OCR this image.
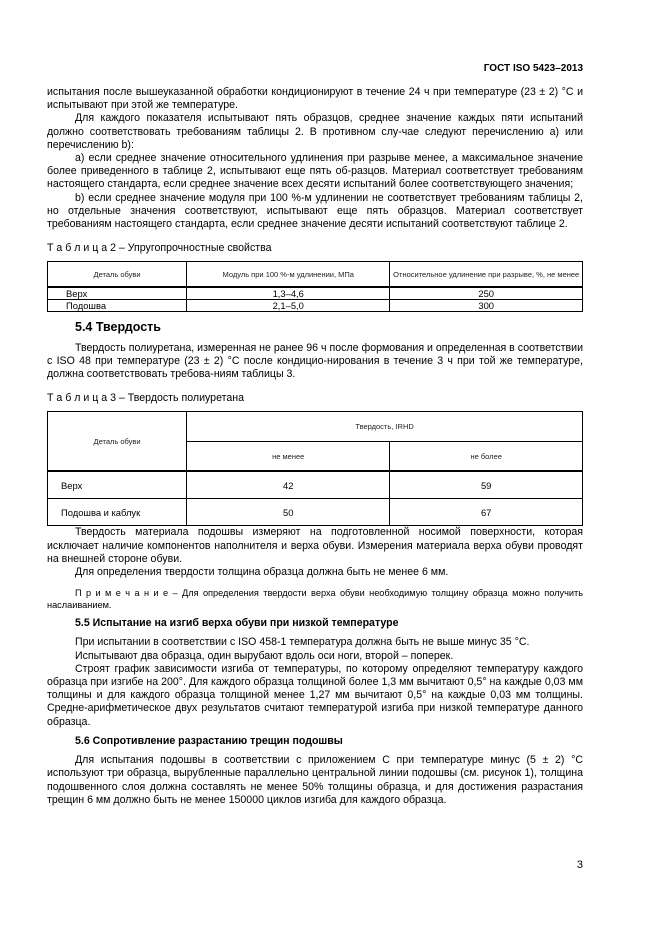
ГОСТ ISO 5423–2013

испытания после вышеуказанной обработки кондиционируют в течение 24 ч при температуре (23 ± 2) °С и испытывают при этой же температуре.

Для каждого показателя испытывают пять образцов, среднее значение каждых пяти испытаний должно соответствовать требованиям таблицы 2. В противном слу-чае следуют перечислению а) или перечислению b):

а) если среднее значение относительного удлинения при разрыве менее, а максимальное значение более приведенного в таблице 2, испытывают еще пять об-разцов. Материал соответствует требованиям настоящего стандарта, если среднее значение всех десяти испытаний более соответствующего значения;

b) если среднее значение модуля при 100 %-м удлинении не соответствует требованиям таблицы 2, но отдельные значения соответствуют, испытывают еще пять образцов. Материал соответствует требованиям настоящего стандарта, если среднее значение десяти испытаний соответствуют таблице 2.

Т а б л и ц а 2 – Упругопрочностные свойства

Деталь обуви	Модуль при 100 %-м удлинении, МПа	Относительное удлинение при разрыве, %, не менее
Верх	1,3–4,6	250
Подошва	2,1–5,0	300
5.4 Твердость

Твердость полиуретана, измеренная не ранее 96 ч после формования и определенная в соответствии с ISO 48 при температуре (23 ± 2) °С после кондицио-нирования в течение 3 ч при той же температуре, должна соответствовать требова-ниям таблицы 3.

Т а б л и ц а 3 – Твердость полиуретана

Деталь обуви	Твердость, IRHD	
	не менее	не более
Верх	42	59
Подошва и каблук	50	67

Твердость материала подошвы измеряют на подготовленной носимой поверхности, которая исключает наличие компонентов наполнителя и верха обуви. Измерения материала верха обуви проводят на внешней стороне обуви.

Для определения твердости толщина образца должна быть не менее 6 мм.

П р и м е ч а н и е – Для определения твердости верха обуви необходимую толщину образца можно получить наслаиванием.

5.5 Испытание на изгиб верха обуви при низкой температуре

При испытании в соответствии с ISO 458-1 температура должна быть не выше минус 35 °С.

Испытывают два образца, один вырубают вдоль оси ноги, второй – поперек.

Строят график зависимости изгиба от температуры, по которому определяют температуру каждого образца при изгибе на 200°. Для каждого образца толщиной более 1,3 мм вычитают 0,5° на каждые 0,03 мм толщины и для каждого образца толщиной менее 1,27 мм вычитают 0,5° на каждые 0,03 мм толщины. Средне-арифметическое двух результатов считают температурой изгиба при низкой температуре данного образца.

5.6 Сопротивление разрастанию трещин подошвы

Для испытания подошвы в соответствии с приложением С при температуре минус (5 ± 2) °С используют три образца, вырубленные параллельно центральной линии подошвы (см. рисунок 1), толщина подошвенного слоя должна составлять не менее 50% толщины образца, и для достижения разрастания трещин 6 мм должно быть не менее 150000 циклов изгиба для каждого образца.

3
